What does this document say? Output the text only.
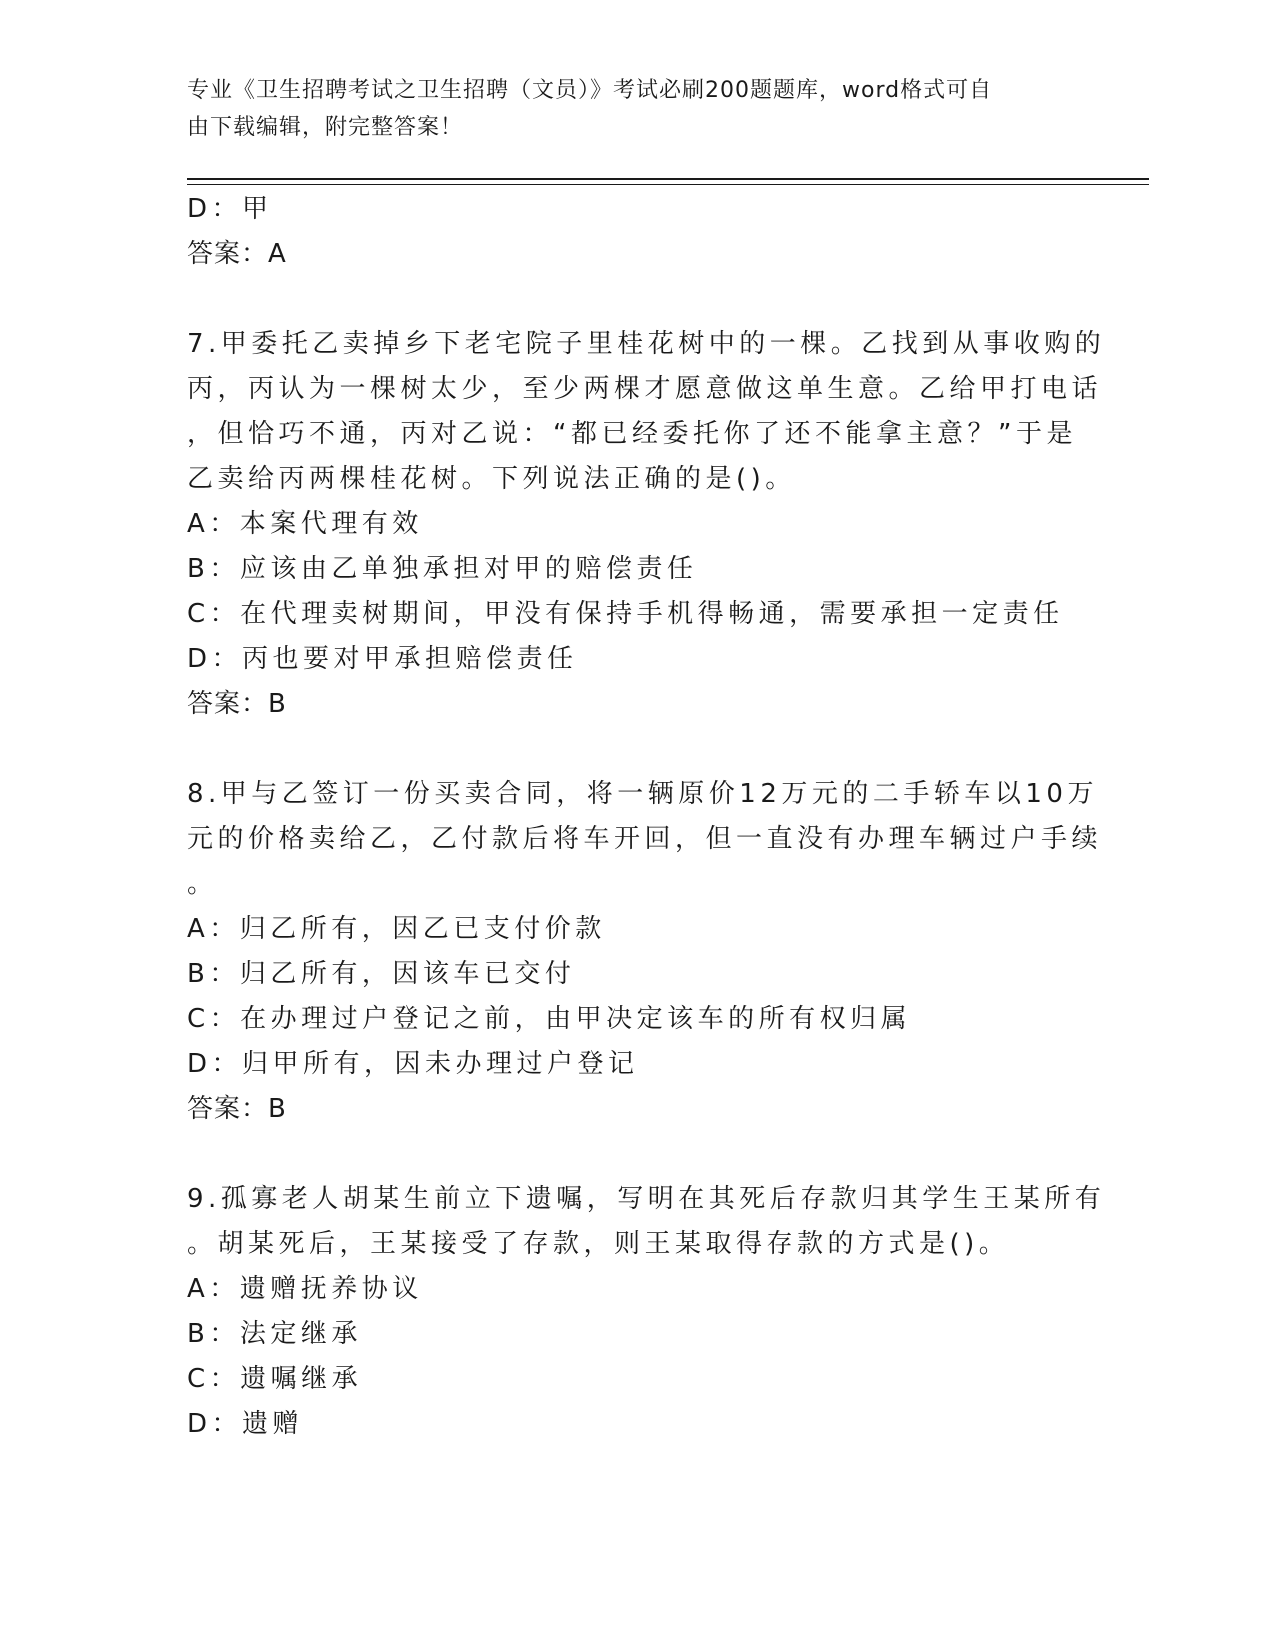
专业《卫生招聘考试之卫生招聘（文员）》考试必刷200题题库，word格式可自
由下载编辑，附完整答案！
D：甲
答案：A
7.甲委托乙卖掉乡下老宅院子里桂花树中的一棵。乙找到从事收购的
丙，丙认为一棵树太少，至少两棵才愿意做这单生意。乙给甲打电话
，但恰巧不通，丙对乙说：“都已经委托你了还不能拿主意？”于是
乙卖给丙两棵桂花树。下列说法正确的是()。
A：本案代理有效
B：应该由乙单独承担对甲的赔偿责任
C：在代理卖树期间，甲没有保持手机得畅通，需要承担一定责任
D：丙也要对甲承担赔偿责任
答案：B
8.甲与乙签订一份买卖合同，将一辆原价12万元的二手轿车以10万
元的价格卖给乙，乙付款后将车开回，但一直没有办理车辆过户手续
。
A：归乙所有，因乙已支付价款
B：归乙所有，因该车已交付
C：在办理过户登记之前，由甲决定该车的所有权归属
D：归甲所有，因未办理过户登记
答案：B
9.孤寡老人胡某生前立下遗嘱，写明在其死后存款归其学生王某所有
。胡某死后，王某接受了存款，则王某取得存款的方式是()。
A：遗赠抚养协议
B：法定继承
C：遗嘱继承
D：遗赠
